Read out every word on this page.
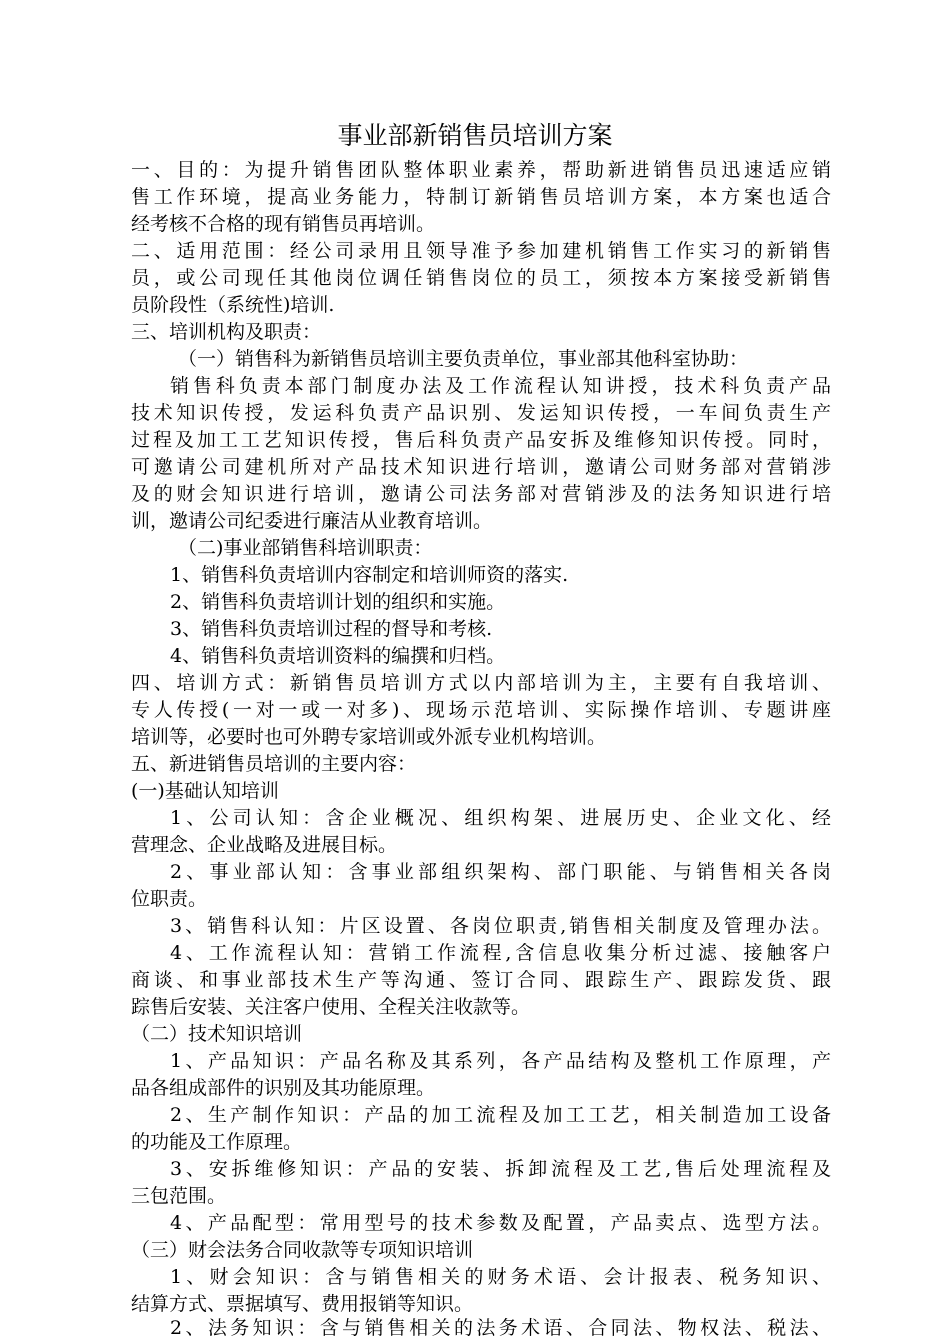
事业部新销售员培训方案
一、目的：为提升销售团队整体职业素养，帮助新进销售员迅速适应销
售工作环境，提高业务能力，特制订新销售员培训方案，本方案也适合
经考核不合格的现有销售员再培训。
二、适用范围：经公司录用且领导准予参加建机销售工作实习的新销售
员，或公司现任其他岗位调任销售岗位的员工，须按本方案接受新销售
员阶段性（系统性)培训.
三、培训机构及职责：
（一）销售科为新销售员培训主要负责单位，事业部其他科室协助：
销售科负责本部门制度办法及工作流程认知讲授，技术科负责产品
技术知识传授，发运科负责产品识别、发运知识传授，一车间负责生产
过程及加工工艺知识传授，售后科负责产品安拆及维修知识传授。同时，
可邀请公司建机所对产品技术知识进行培训，邀请公司财务部对营销涉
及的财会知识进行培训，邀请公司法务部对营销涉及的法务知识进行培
训，邀请公司纪委进行廉洁从业教育培训。
（二)事业部销售科培训职责：
1、销售科负责培训内容制定和培训师资的落实.
2、销售科负责培训计划的组织和实施。
3、销售科负责培训过程的督导和考核.
4、销售科负责培训资料的编撰和归档。
四、培训方式：新销售员培训方式以内部培训为主，主要有自我培训、
专人传授(一对一或一对多)、现场示范培训、实际操作培训、专题讲座
培训等，必要时也可外聘专家培训或外派专业机构培训。
五、新进销售员培训的主要内容：
(一)基础认知培训
1、公司认知：含企业概况、组织构架、进展历史、企业文化、经
营理念、企业战略及进展目标。
2、事业部认知：含事业部组织架构、部门职能、与销售相关各岗
位职责。
3、销售科认知：片区设置、各岗位职责,销售相关制度及管理办法。
4、工作流程认知：营销工作流程,含信息收集分析过滤、接触客户
商谈、和事业部技术生产等沟通、签订合同、跟踪生产、跟踪发货、跟
踪售后安装、关注客户使用、全程关注收款等。
（二）技术知识培训
1、产品知识：产品名称及其系列，各产品结构及整机工作原理，产
品各组成部件的识别及其功能原理。
2、生产制作知识：产品的加工流程及加工工艺，相关制造加工设备
的功能及工作原理。
3、安拆维修知识：产品的安装、拆卸流程及工艺,售后处理流程及
三包范围。
4、产品配型：常用型号的技术参数及配置，产品卖点、选型方法。
（三）财会法务合同收款等专项知识培训
1、财会知识：含与销售相关的财务术语、会计报表、税务知识、
结算方式、票据填写、费用报销等知识。
2、法务知识：含与销售相关的法务术语、合同法、物权法、税法、
